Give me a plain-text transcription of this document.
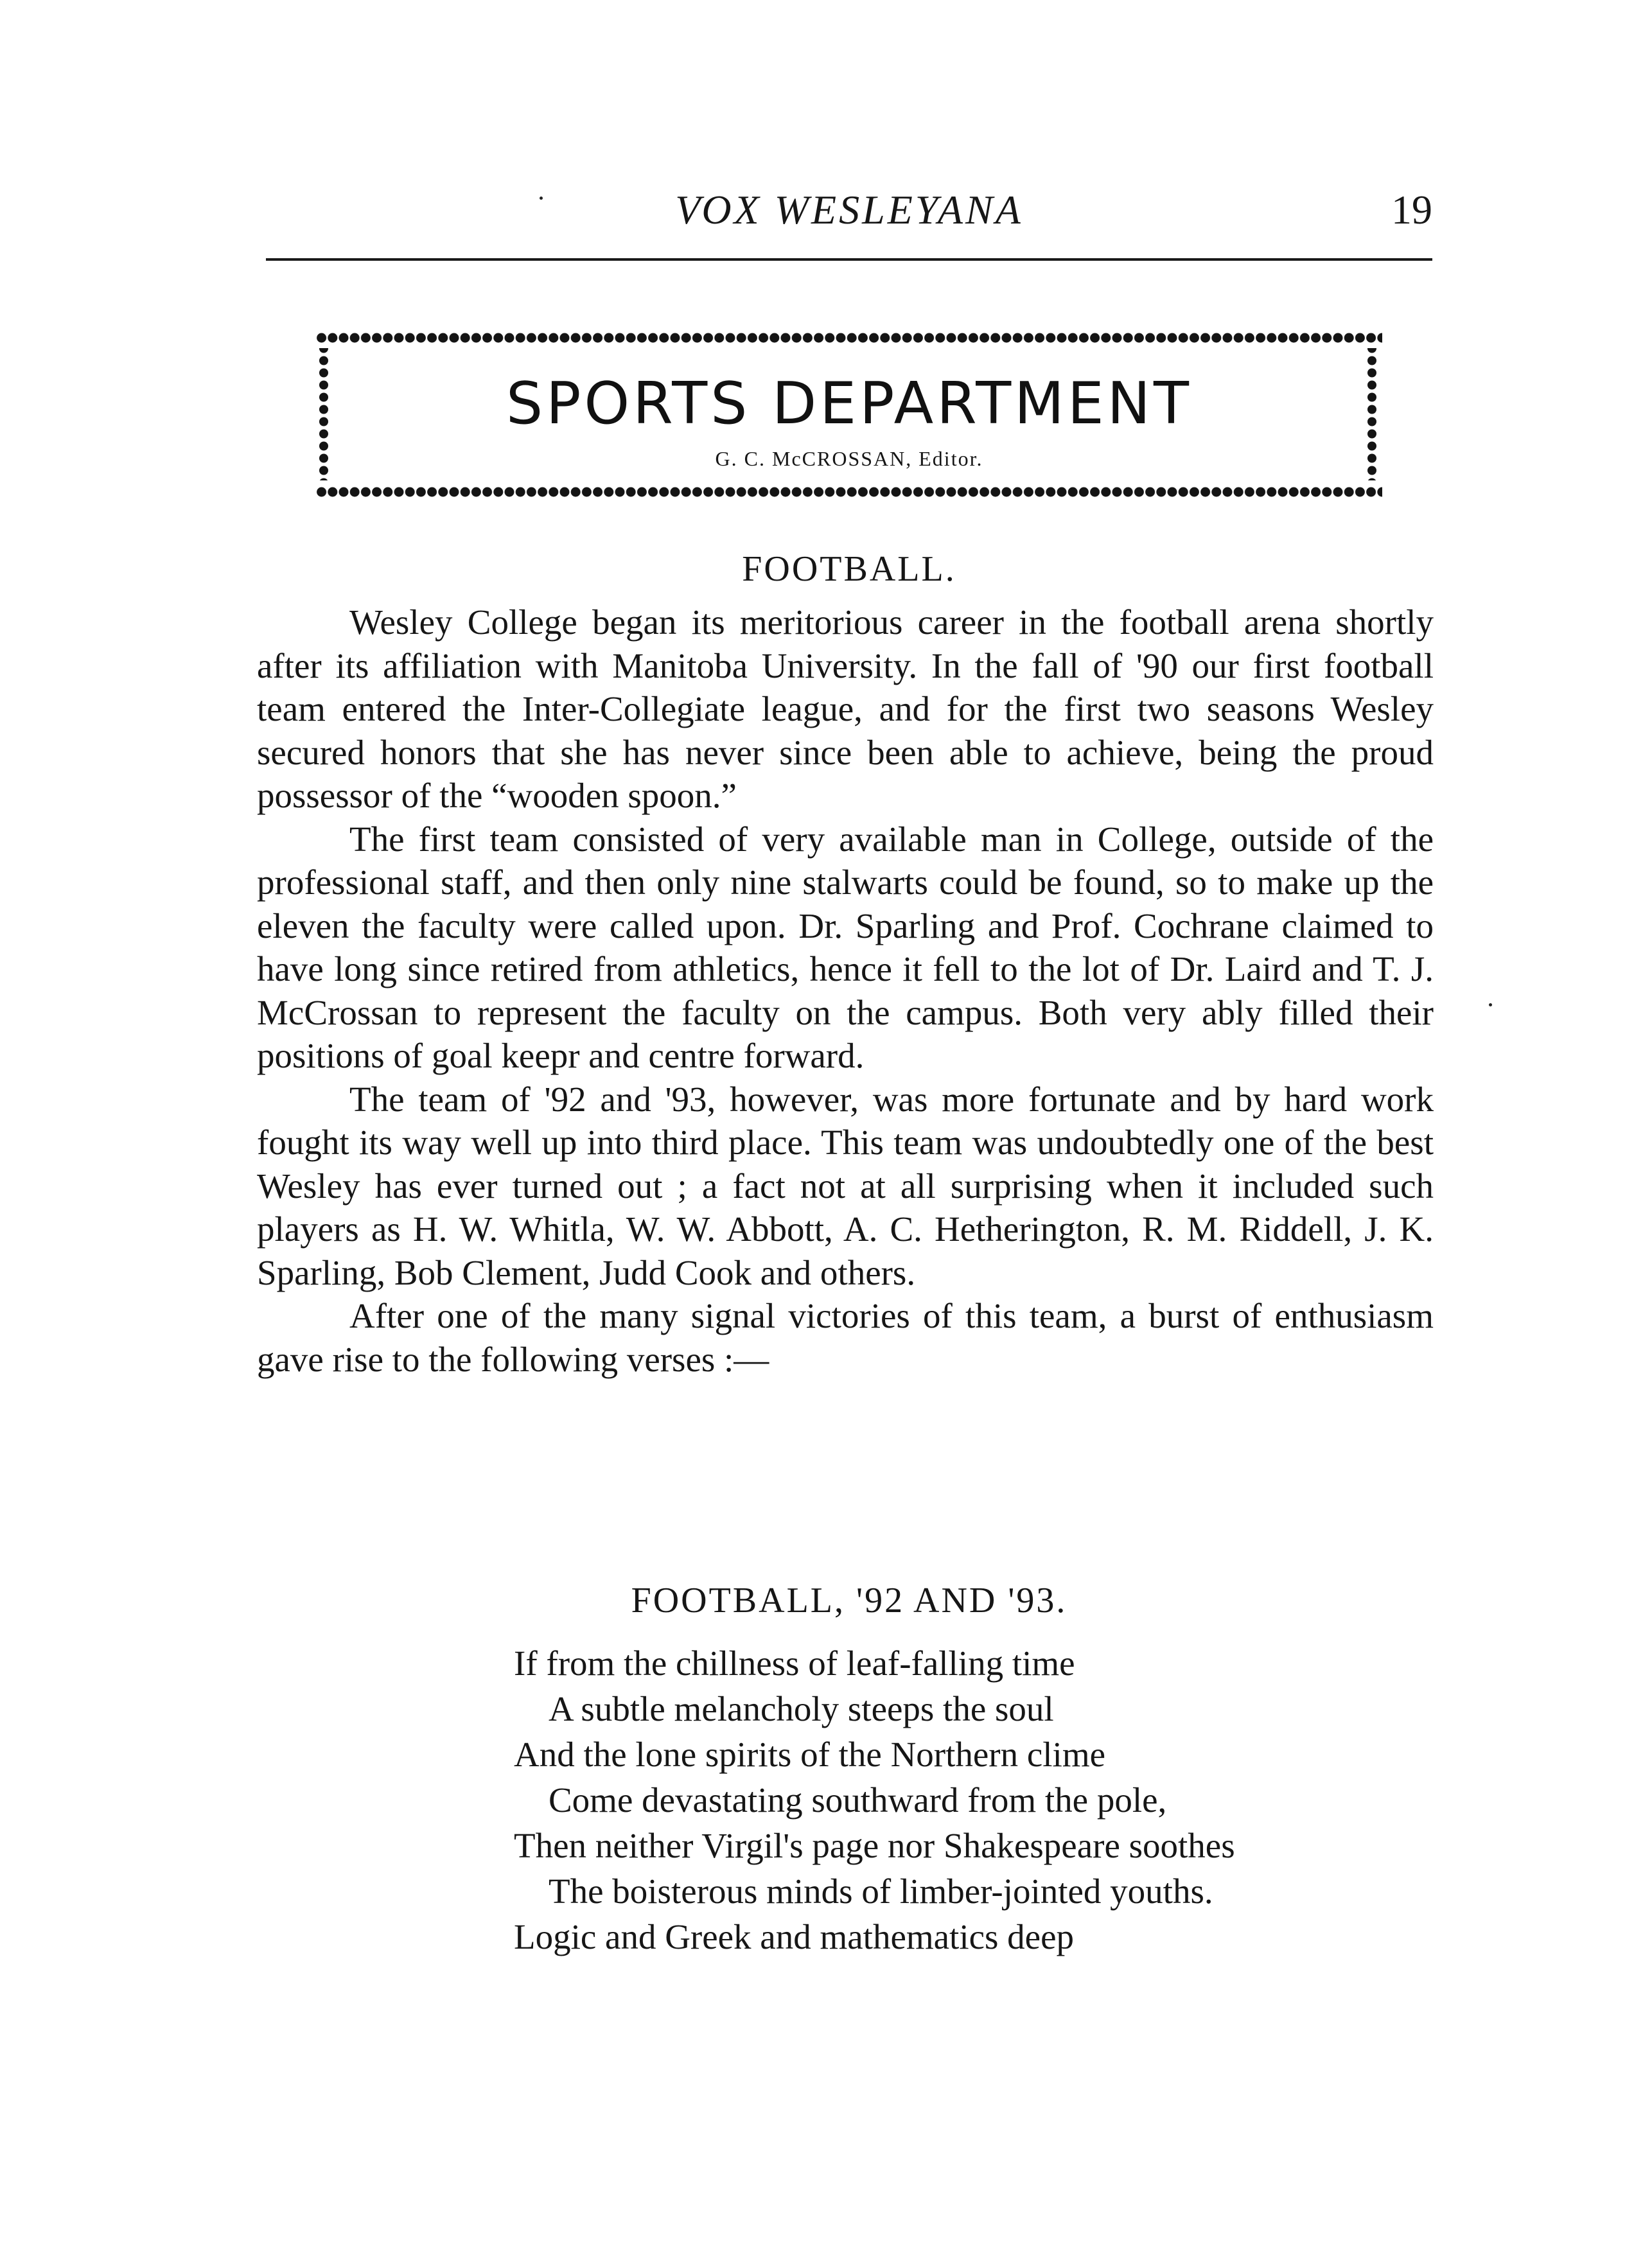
VOX WESLEYANA	19
SPORTS DEPARTMENT
G. C. McCROSSAN, Editor.
FOOTBALL.

Wesley College began its meritorious career in the football arena shortly after its affiliation with Manitoba University. In the fall of '90 our first football team entered the Inter-Collegiate league, and for the first two seasons Wesley secured honors that she has never since been able to achieve, being the proud possessor of the “wooden spoon.”

The first team consisted of very available man in College, outside of the professional staff, and then only nine stalwarts could be found, so to make up the eleven the faculty were called upon. Dr. Sparling and Prof. Cochrane claimed to have long since retired from athletics, hence it fell to the lot of Dr. Laird and T. J. McCrossan to represent the faculty on the campus. Both very ably filled their positions of goal keepr and centre forward.

The team of '92 and '93, however, was more fortunate and by hard work fought its way well up into third place. This team was undoubtedly one of the best Wesley has ever turned out ; a fact not at all surprising when it included such players as H. W. Whitla, W. W. Abbott, A. C. Hetherington, R. M. Riddell, J. K. Sparling, Bob Clement, Judd Cook and others.

After one of the many signal victories of this team, a burst of enthusiasm gave rise to the following verses :—

FOOTBALL, '92 AND '93.
If from the chillness of leaf-falling time
A subtle melancholy steeps the soul
And the lone spirits of the Northern clime
Come devastating southward from the pole,
Then neither Virgil's page nor Shakespeare soothes
The boisterous minds of limber-jointed youths.
Logic and Greek and mathematics deep
